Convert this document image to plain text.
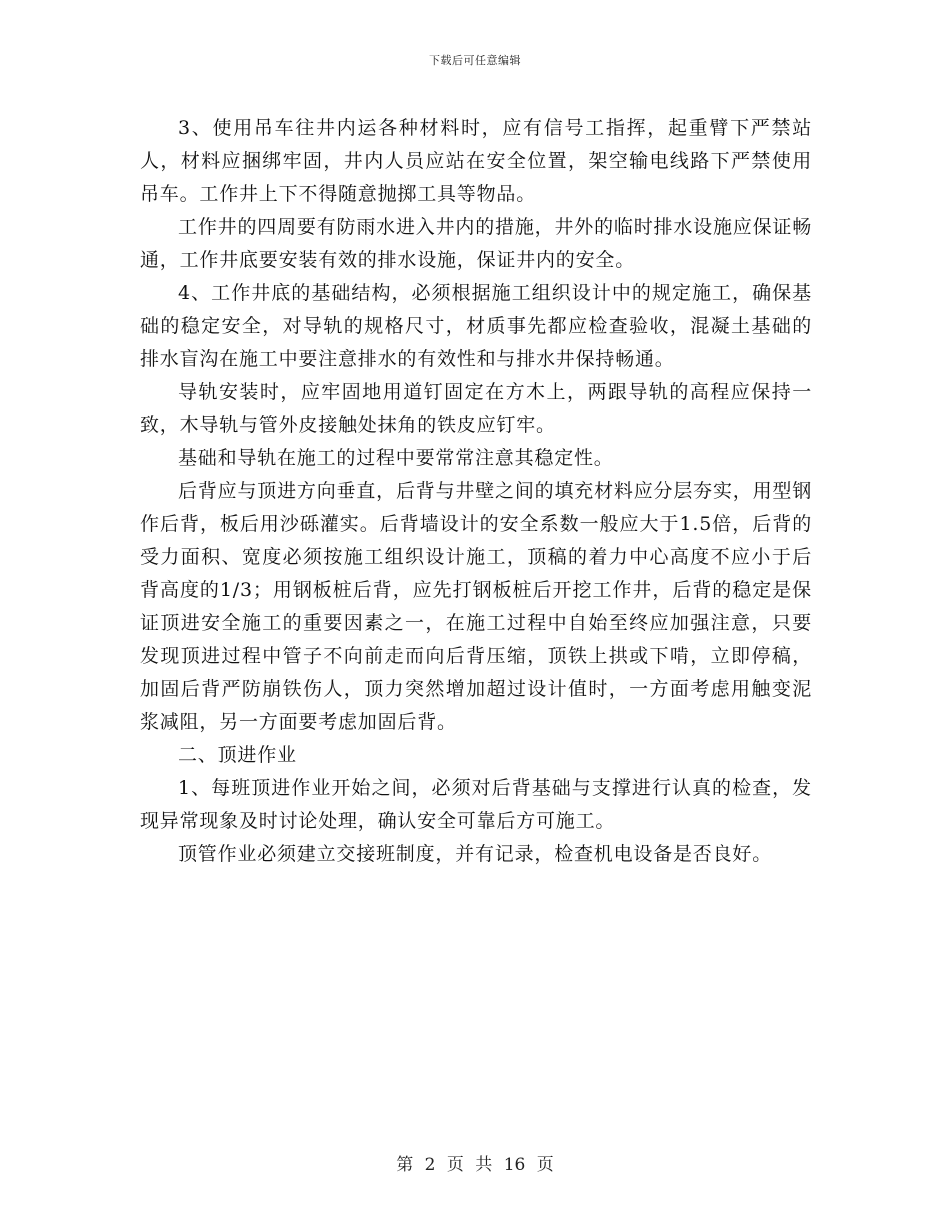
下载后可任意编辑

3、使用吊车往井内运各种材料时，应有信号工指挥，起重臂下严禁站人，材料应捆绑牢固，井内人员应站在安全位置，架空输电线路下严禁使用吊车。工作井上下不得随意抛掷工具等物品。

工作井的四周要有防雨水进入井内的措施，井外的临时排水设施应保证畅通，工作井底要安装有效的排水设施，保证井内的安全。

4、工作井底的基础结构，必须根据施工组织设计中的规定施工，确保基础的稳定安全，对导轨的规格尺寸，材质事先都应检查验收，混凝土基础的排水盲沟在施工中要注意排水的有效性和与排水井保持畅通。

导轨安装时，应牢固地用道钉固定在方木上，两跟导轨的高程应保持一致，木导轨与管外皮接触处抹角的铁皮应钉牢。

基础和导轨在施工的过程中要常常注意其稳定性。

后背应与顶进方向垂直，后背与井壁之间的填充材料应分层夯实，用型钢作后背，板后用沙砾灌实。后背墙设计的安全系数一般应大于1.5倍，后背的受力面积、宽度必须按施工组织设计施工，顶稿的着力中心高度不应小于后背高度的1/3；用钢板桩后背，应先打钢板桩后开挖工作井，后背的稳定是保证顶进安全施工的重要因素之一，在施工过程中自始至终应加强注意，只要发现顶进过程中管子不向前走而向后背压缩，顶铁上拱或下啃，立即停稿，加固后背严防崩铁伤人，顶力突然增加超过设计值时，一方面考虑用触变泥浆减阻，另一方面要考虑加固后背。

二、顶进作业

1、每班顶进作业开始之间，必须对后背基础与支撑进行认真的检查，发现异常现象及时讨论处理，确认安全可靠后方可施工。

顶管作业必须建立交接班制度，并有记录，检查机电设备是否良好。

第 2 页 共 16 页
